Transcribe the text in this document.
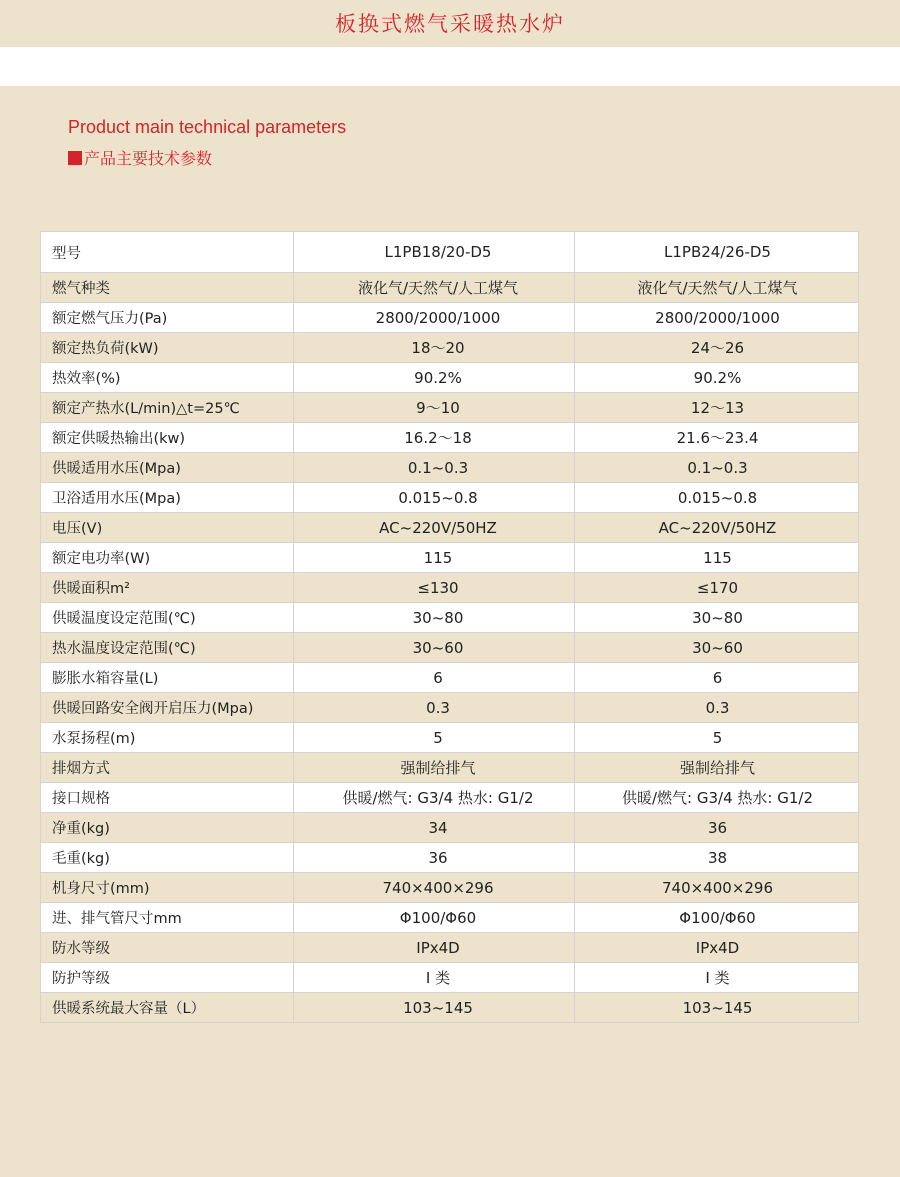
板换式燃气采暖热水炉
Product main technical parameters
产品主要技术参数
型号	L1PB18/20-D5	L1PB24/26-D5
燃气种类	液化气/天然气/人工煤气	液化气/天然气/人工煤气
额定燃气压力(Pa)	2800/2000/1000	2800/2000/1000
额定热负荷(kW)	18～20	24～26
热效率(%)	90.2%	90.2%
额定产热水(L/min)△t=25℃	9～10	12～13
额定供暖热输出(kw)	16.2～18	21.6～23.4
供暖适用水压(Mpa)	0.1~0.3	0.1~0.3
卫浴适用水压(Mpa)	0.015~0.8	0.015~0.8
电压(V)	AC~220V/50HZ	AC~220V/50HZ
额定电功率(W)	115	115
供暖面积m²	≤130	≤170
供暖温度设定范围(℃)	30~80	30~80
热水温度设定范围(℃)	30~60	30~60
膨胀水箱容量(L)	6	6
供暖回路安全阀开启压力(Mpa)	0.3	0.3
水泵扬程(m)	5	5
排烟方式	强制给排气	强制给排气
接口规格	供暖/燃气: G3/4 热水: G1/2	供暖/燃气: G3/4 热水: G1/2
净重(kg)	34	36
毛重(kg)	36	38
机身尺寸(mm)	740×400×296	740×400×296
进、排气管尺寸mm	Φ100/Φ60	Φ100/Φ60
防水等级	IPx4D	IPx4D
防护等级	I 类	I 类
供暖系统最大容量（L）	103~145	103~145
